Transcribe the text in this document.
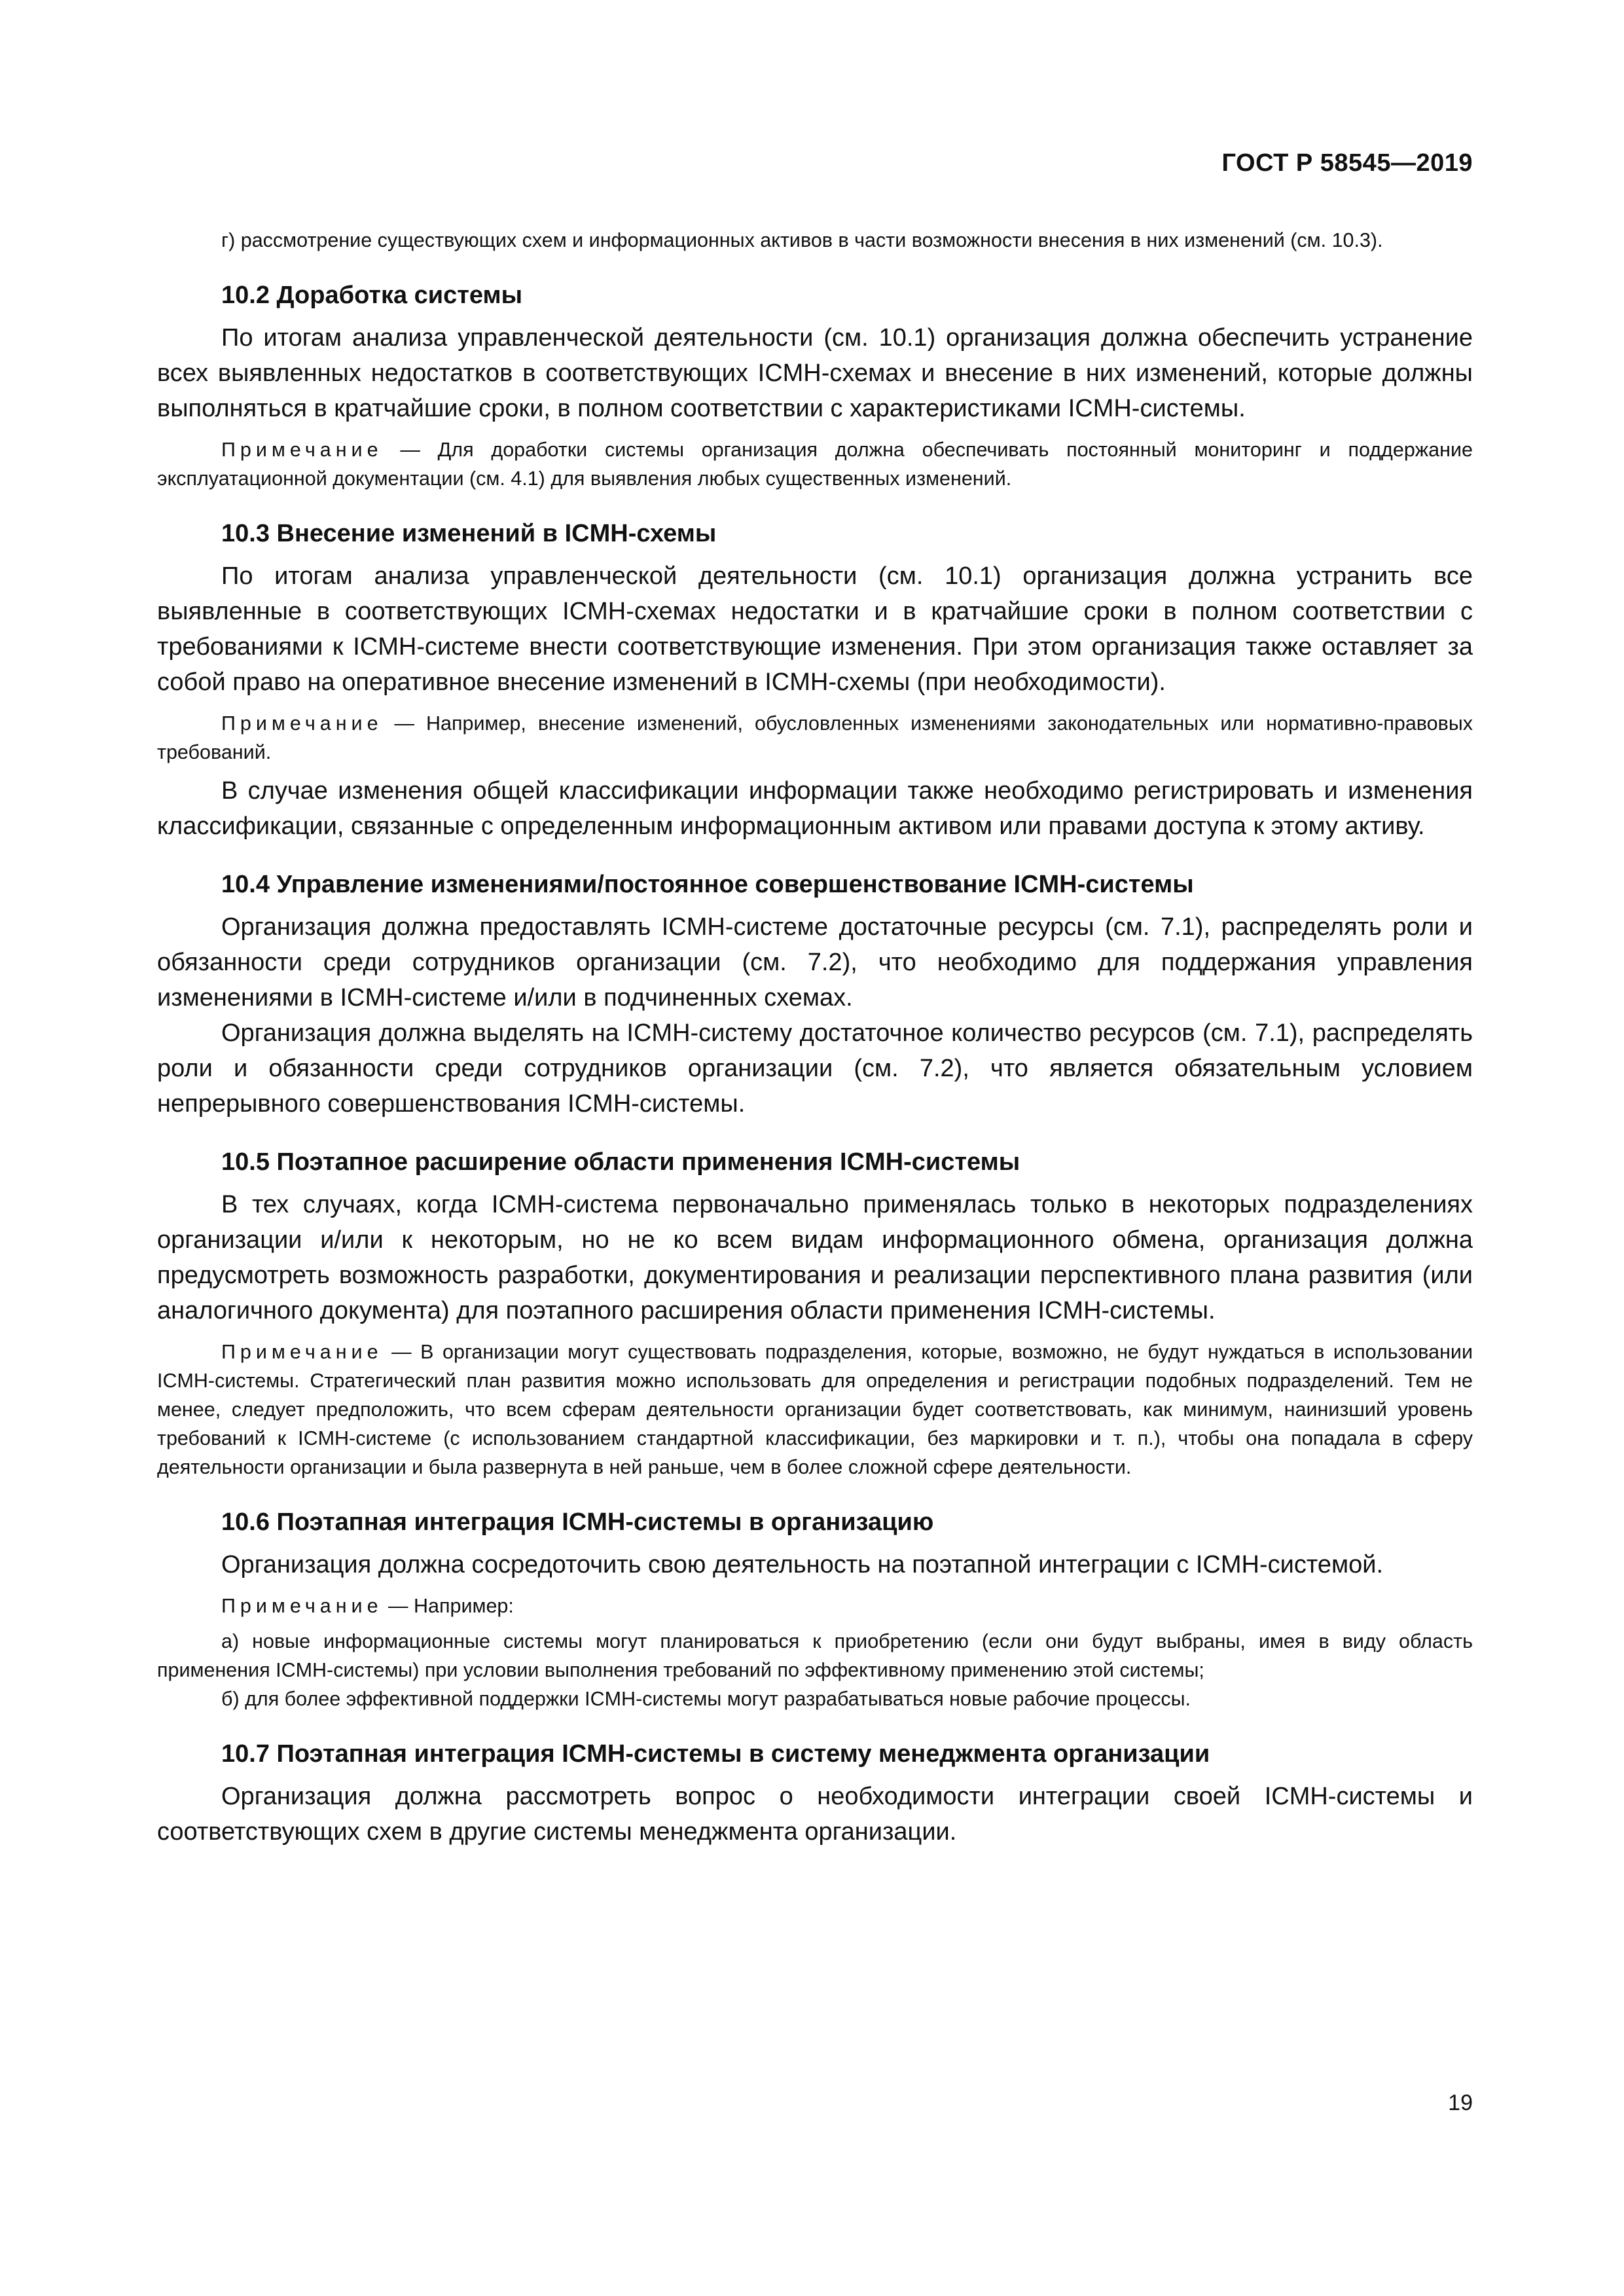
ГОСТ Р 58545—2019

г) рассмотрение существующих схем и информационных активов в части возможности внесения в них изменений (см. 10.3).

10.2 Доработка системы

По итогам анализа управленческой деятельности (см. 10.1) организация должна обеспечить устранение всех выявленных недостатков в соответствующих ICMH-схемах и внесение в них изменений, которые должны выполняться в кратчайшие сроки, в полном соответствии с характеристиками ICMH-системы.

Примечание — Для доработки системы организация должна обеспечивать постоянный мониторинг и поддержание эксплуатационной документации (см. 4.1) для выявления любых существенных изменений.

10.3 Внесение изменений в ICMH-схемы

По итогам анализа управленческой деятельности (см. 10.1) организация должна устранить все выявленные в соответствующих ICMH-схемах недостатки и в кратчайшие сроки в полном соответствии с требованиями к ICMH-системе внести соответствующие изменения. При этом организация также оставляет за собой право на оперативное внесение изменений в ICMH-схемы (при необходимости).

Примечание — Например, внесение изменений, обусловленных изменениями законодательных или нормативно-правовых требований.

В случае изменения общей классификации информации также необходимо регистрировать и изменения классификации, связанные с определенным информационным активом или правами доступа к этому активу.

10.4 Управление изменениями/постоянное совершенствование ICMH-системы

Организация должна предоставлять ICMH-системе достаточные ресурсы (см. 7.1), распределять роли и обязанности среди сотрудников организации (см. 7.2), что необходимо для поддержания управления изменениями в ICMH-системе и/или в подчиненных схемах.

Организация должна выделять на ICMH-систему достаточное количество ресурсов (см. 7.1), распределять роли и обязанности среди сотрудников организации (см. 7.2), что является обязательным условием непрерывного совершенствования ICMH-системы.

10.5 Поэтапное расширение области применения ICMH-системы

В тех случаях, когда ICMH-система первоначально применялась только в некоторых подразделениях организации и/или к некоторым, но не ко всем видам информационного обмена, организация должна предусмотреть возможность разработки, документирования и реализации перспективного плана развития (или аналогичного документа) для поэтапного расширения области применения ICMH-системы.

Примечание — В организации могут существовать подразделения, которые, возможно, не будут нуждаться в использовании ICMH-системы. Стратегический план развития можно использовать для определения и регистрации подобных подразделений. Тем не менее, следует предположить, что всем сферам деятельности организации будет соответствовать, как минимум, наинизший уровень требований к ICMH-системе (с использованием стандартной классификации, без маркировки и т. п.), чтобы она попадала в сферу деятельности организации и была развернута в ней раньше, чем в более сложной сфере деятельности.

10.6 Поэтапная интеграция ICMH-системы в организацию

Организация должна сосредоточить свою деятельность на поэтапной интеграции с ICMH-системой.

Примечание — Например:

а) новые информационные системы могут планироваться к приобретению (если они будут выбраны, имея в виду область применения ICMH-системы) при условии выполнения требований по эффективному применению этой системы;

б) для более эффективной поддержки ICMH-системы могут разрабатываться новые рабочие процессы.

10.7 Поэтапная интеграция ICMH-системы в систему менеджмента организации

Организация должна рассмотреть вопрос о необходимости интеграции своей ICMH-системы и соответствующих схем в другие системы менеджмента организации.

19
